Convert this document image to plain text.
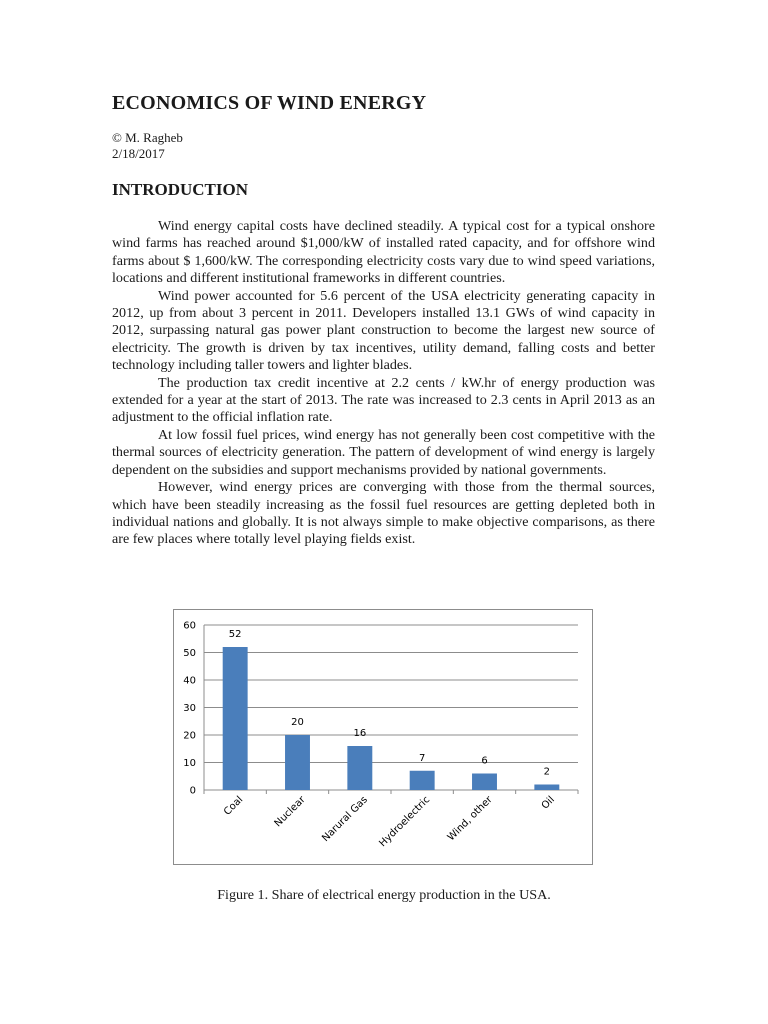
ECONOMICS OF WIND ENERGY
© M. Ragheb
2/18/2017
INTRODUCTION

Wind energy capital costs have declined steadily. A typical cost for a typical onshore wind farms has reached around $1,000/kW of installed rated capacity, and for offshore wind farms about $ 1,600/kW. The corresponding electricity costs vary due to wind speed variations, locations and different institutional frameworks in different countries.

Wind power accounted for 5.6 percent of the USA electricity generating capacity in 2012, up from about 3 percent in 2011. Developers installed 13.1 GWs of wind capacity in 2012, surpassing natural gas power plant construction to become the largest new source of electricity. The growth is driven by tax incentives, utility demand, falling costs and better technology including taller towers and lighter blades.

The production tax credit incentive at 2.2 cents / kW.hr of energy production was extended for a year at the start of 2013. The rate was increased to 2.3 cents in April 2013 as an adjustment to the official inflation rate.

At low fossil fuel prices, wind energy has not generally been cost competitive with the thermal sources of electricity generation. The pattern of development of wind energy is largely dependent on the subsidies and support mechanisms provided by national governments.

However, wind energy prices are converging with those from the thermal sources, which have been steadily increasing as the fossil fuel resources are getting depleted both in individual nations and globally. It is not always simple to make objective comparisons, as there are few places where totally level playing fields exist.

0
10
20
30
40
50
60
52
Coal
20
Nuclear
16
Narural Gas
7
Hydroelectric
6
Wind, other
2
Oil
Figure 1. Share of electrical energy production in the USA.
